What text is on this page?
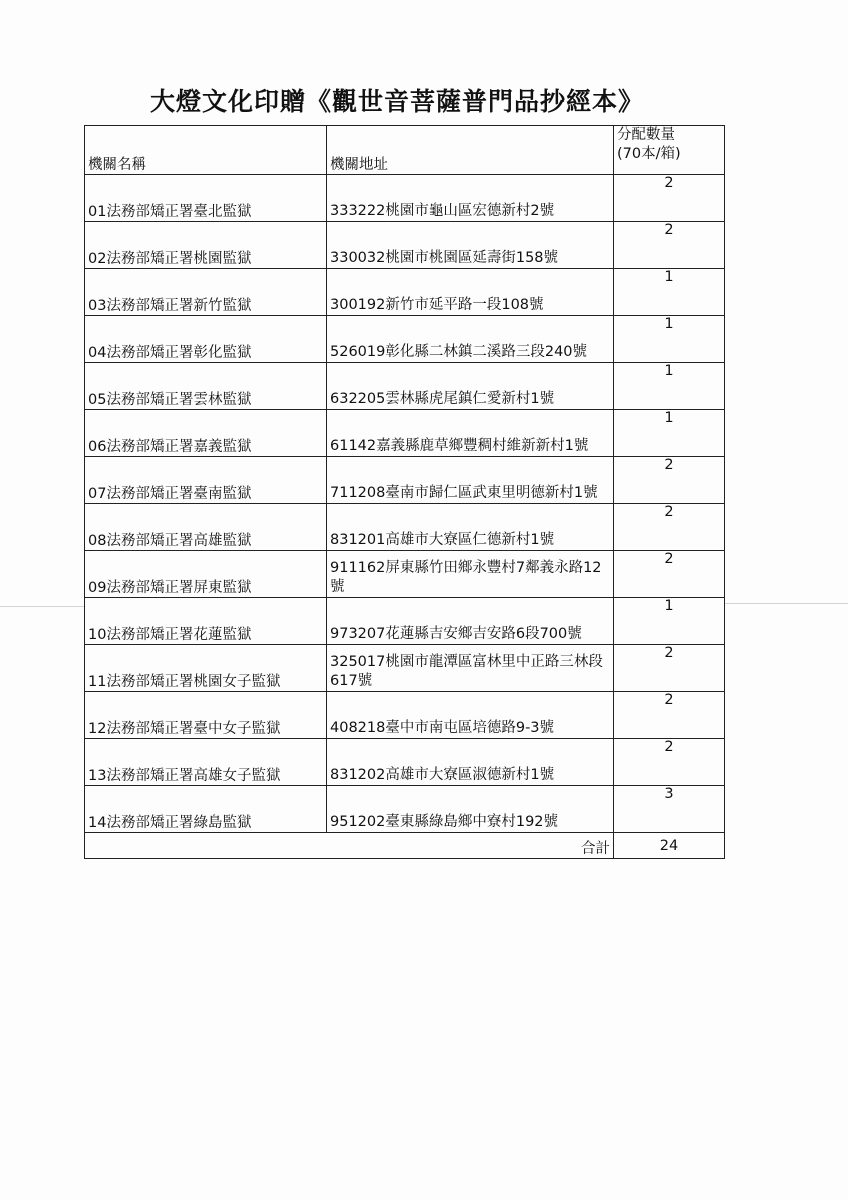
大燈文化印贈《觀世音菩薩普門品抄經本》
機關名稱	機關地址	分配數量
(70本/箱)

01法務部矯正署臺北監獄	333222桃園市龜山區宏德新村2號	2
02法務部矯正署桃園監獄	330032桃園市桃園區延壽街158號	2
03法務部矯正署新竹監獄	300192新竹市延平路一段108號	1
04法務部矯正署彰化監獄	526019彰化縣二林鎮二溪路三段240號	1
05法務部矯正署雲林監獄	632205雲林縣虎尾鎮仁愛新村1號	1
06法務部矯正署嘉義監獄	61142嘉義縣鹿草鄉豐稠村維新新村1號	1
07法務部矯正署臺南監獄	711208臺南市歸仁區武東里明德新村1號	2
08法務部矯正署高雄監獄	831201高雄市大寮區仁德新村1號	2
09法務部矯正署屏東監獄	911162屏東縣竹田鄉永豐村7鄰義永路12號	2
10法務部矯正署花蓮監獄	973207花蓮縣吉安鄉吉安路6段700號	1
11法務部矯正署桃園女子監獄	325017桃園市龍潭區富林里中正路三林段617號	2
12法務部矯正署臺中女子監獄	408218臺中市南屯區培德路9-3號	2
13法務部矯正署高雄女子監獄	831202高雄市大寮區淑德新村1號	2
14法務部矯正署綠島監獄	951202臺東縣綠島鄉中寮村192號	3
合計		24
